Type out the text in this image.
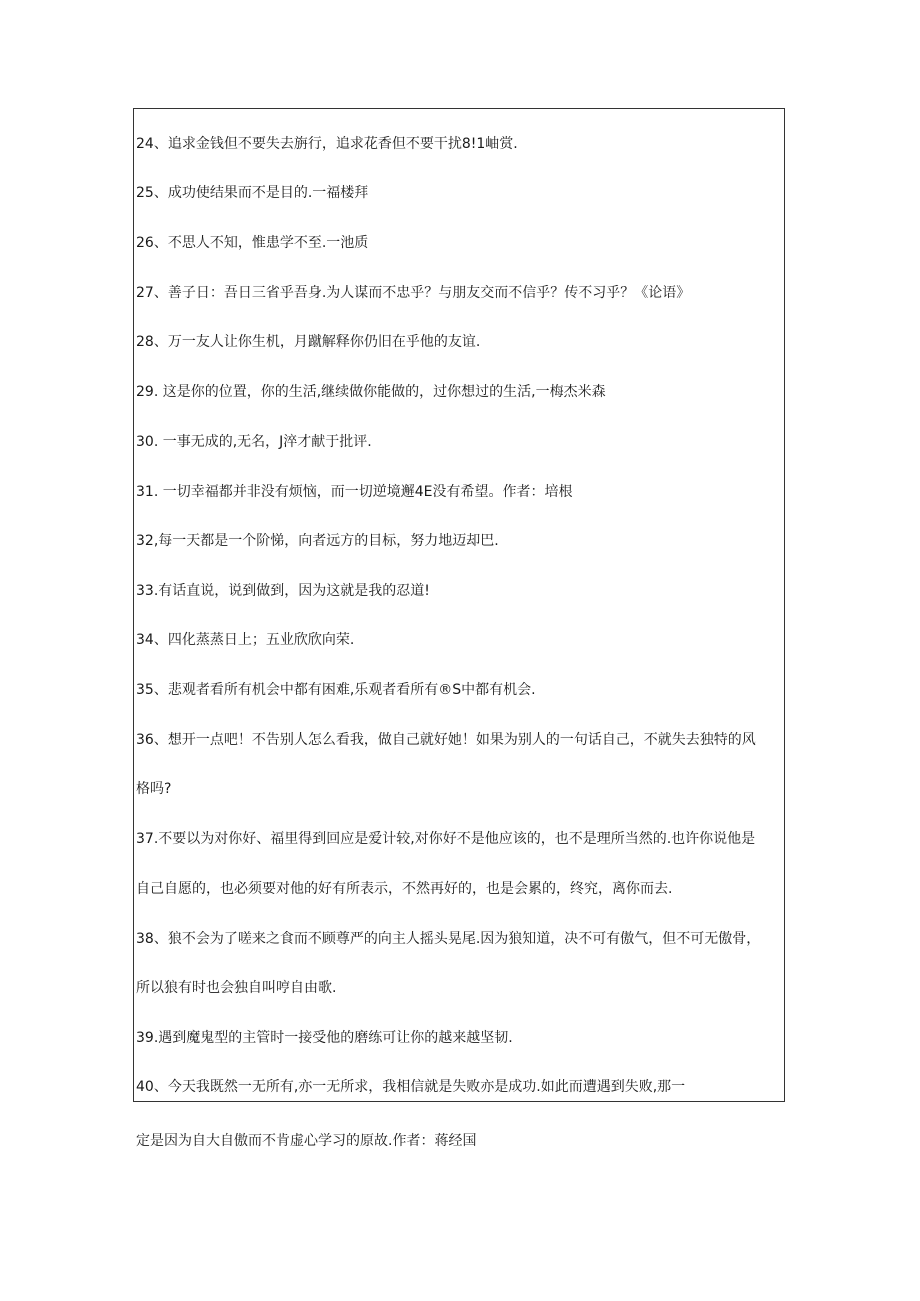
24、追求金钱但不要失去旃行，追求花香但不要干扰8!1岫赏.
25、成功使结果而不是目的.一福楼拜
26、不思人不知，惟患学不至.一池质
27、善子日：吾日三省乎吾身.为人谋而不忠乎？与朋友交而不信乎？传不习乎？《论语》
28、万一友人让你生机，月蹴解释你仍旧在乎他的友谊.
29. 这是你的位置，你的生活,继续做你能做的，过你想过的生活,一梅杰米森
30. 一事无成的,无名，J淬才献于批评.
31. 一切幸福都并非没有烦恼，而一切逆境邂4E没有希望。作者：培根
32,每一天都是一个阶悌，向者远方的目标，努力地迈却巴.
33.有话直说，说到做到，因为这就是我的忍道!
34、四化蒸蒸日上；五业欣欣向荣.
35、悲观者看所有机会中都有困难,乐观者看所有®S中都有机会.
36、想开一点吧！不告别人怎么看我，做自己就好她！如果为别人的一句话自己，不就失去独特的风
格吗?
37.不要以为对你好、福里得到回应是爱计较,对你好不是他应该的，也不是理所当然的.也许你说他是
自己自愿的，也必须要对他的好有所表示，不然再好的，也是会累的，终究，离你而去.
38、狼不会为了嗟来之食而不顾尊严的向主人摇头晃尾.因为狼知道，决不可有傲气，但不可无傲骨，
所以狼有时也会独自叫哼自由歌.
39.遇到魔鬼型的主管时一接受他的磨练可让你的越来越坚韧.
40、今天我既然一无所有,亦一无所求，我相信就是失败亦是成功.如此而遭遇到失败,那一
定是因为自大自傲而不肯虚心学习的原故.作者：蒋经国
